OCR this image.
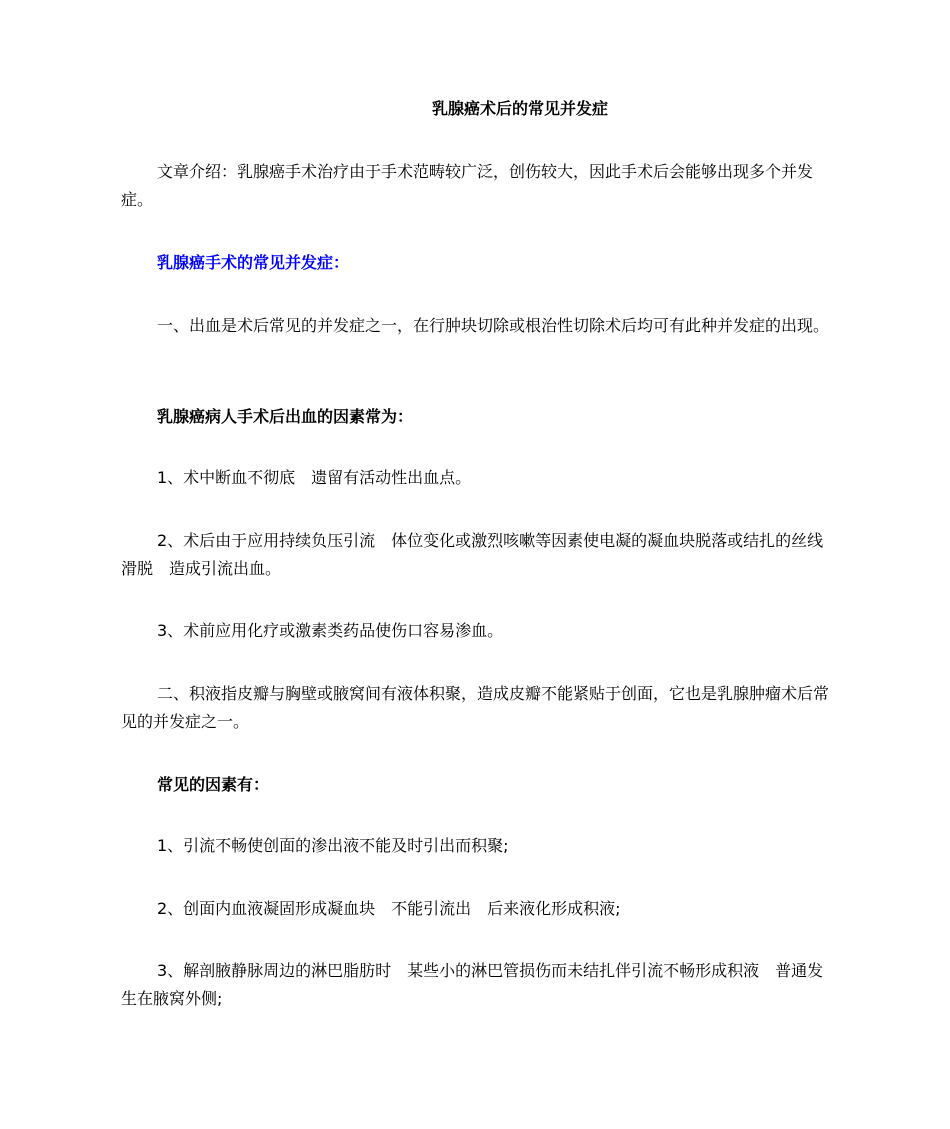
乳腺癌术后的常见并发症
文章介绍：乳腺癌手术治疗由于手术范畴较广泛，创伤较大，因此手术后会能够出现多个并发症。
乳腺癌手术的常见并发症：
一、出血是术后常见的并发症之一，在行肿块切除或根治性切除术后均可有此种并发症的出现。
乳腺癌病人手术后出血的因素常为：
1、术中断血不彻底　遗留有活动性出血点。
2、术后由于应用持续负压引流　体位变化或激烈咳嗽等因素使电凝的凝血块脱落或结扎的丝线滑脱　造成引流出血。
3、术前应用化疗或激素类药品使伤口容易渗血。
二、积液指皮瓣与胸壁或腋窝间有液体积聚，造成皮瓣不能紧贴于创面，它也是乳腺肿瘤术后常见的并发症之一。
常见的因素有：
1、引流不畅使创面的渗出液不能及时引出而积聚;
2、创面内血液凝固形成凝血块　不能引流出　后来液化形成积液;
3、解剖腋静脉周边的淋巴脂肪时　某些小的淋巴管损伤而未结扎伴引流不畅形成积液　普通发生在腋窝外侧;
